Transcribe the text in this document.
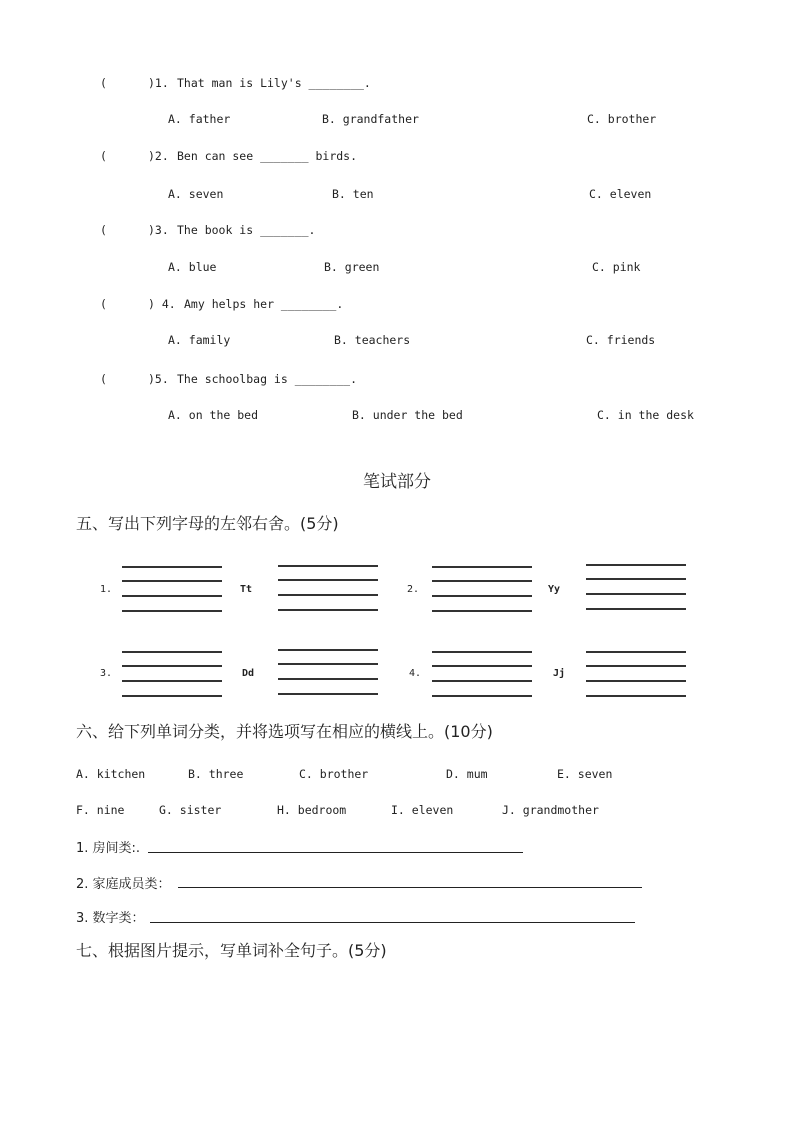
(	)1. That man is Lily's ________.
A. father	B. grandfather	C. brother
(	)2. Ben can see _______ birds.
A. seven	B. ten	C. eleven
(	)3. The book is _______.
A. blue	B. green	C. pink
(	) 4. Amy helps her ________.
A. family	B. teachers	C. friends
(	)5. The schoolbag is ________.
A. on the bed	B. under the bed	C. in the desk
笔试部分
五、写出下列字母的左邻右舍。(5分)
1.	Tt	2.	Yy
3.	Dd	4.	Jj
六、给下列单词分类，并将选项写在相应的横线上。(10分)
A. kitchen	B. three	C. brother	D. mum	E. seven
F. nine	G. sister	H. bedroom	I. eleven	J. grandmother
1. 房间类:.
2. 家庭成员类：
3. 数字类：
七、根据图片提示，写单词补全句子。(5分)
